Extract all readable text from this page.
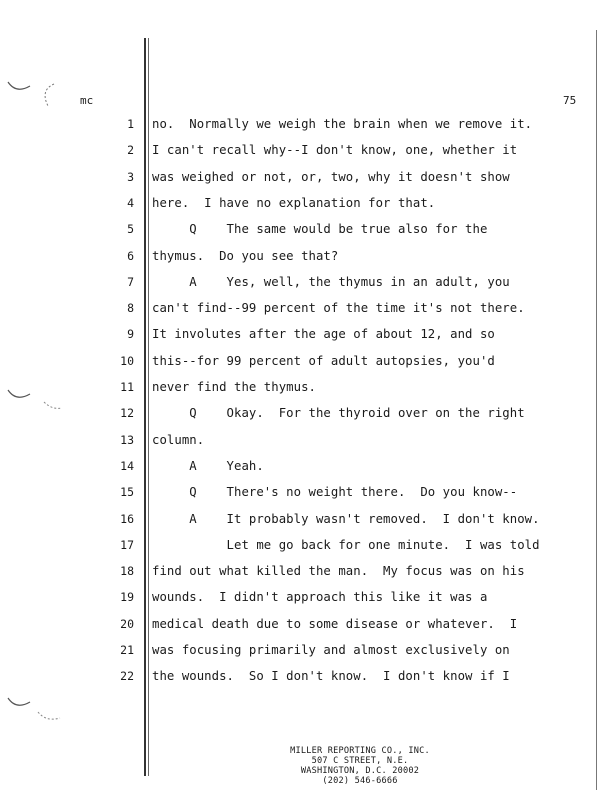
mc	75
1 no.  Normally we weigh the brain when we remove it.
2 I can't recall why--I don't know, one, whether it
3 was weighed or not, or, two, why it doesn't show
4 here.  I have no explanation for that.
5 Q    The same would be true also for the
6 thymus.  Do you see that?
7 A    Yes, well, the thymus in an adult, you
8 can't find--99 percent of the time it's not there.
9 It involutes after the age of about 12, and so
10 this--for 99 percent of adult autopsies, you'd
11 never find the thymus.
12 Q    Okay.  For the thyroid over on the right
13 column.
14 A    Yeah.
15 Q    There's no weight there.  Do you know--
16 A    It probably wasn't removed.  I don't know.
17 Let me go back for one minute.  I was told
18 find out what killed the man.  My focus was on his
19 wounds.  I didn't approach this like it was a
20 medical death due to some disease or whatever.  I
21 was focusing primarily and almost exclusively on
22 the wounds.  So I don't know.  I don't know if I
MILLER REPORTING CO., INC.
507 C STREET, N.E.
WASHINGTON, D.C. 20002
(202) 546-6666
